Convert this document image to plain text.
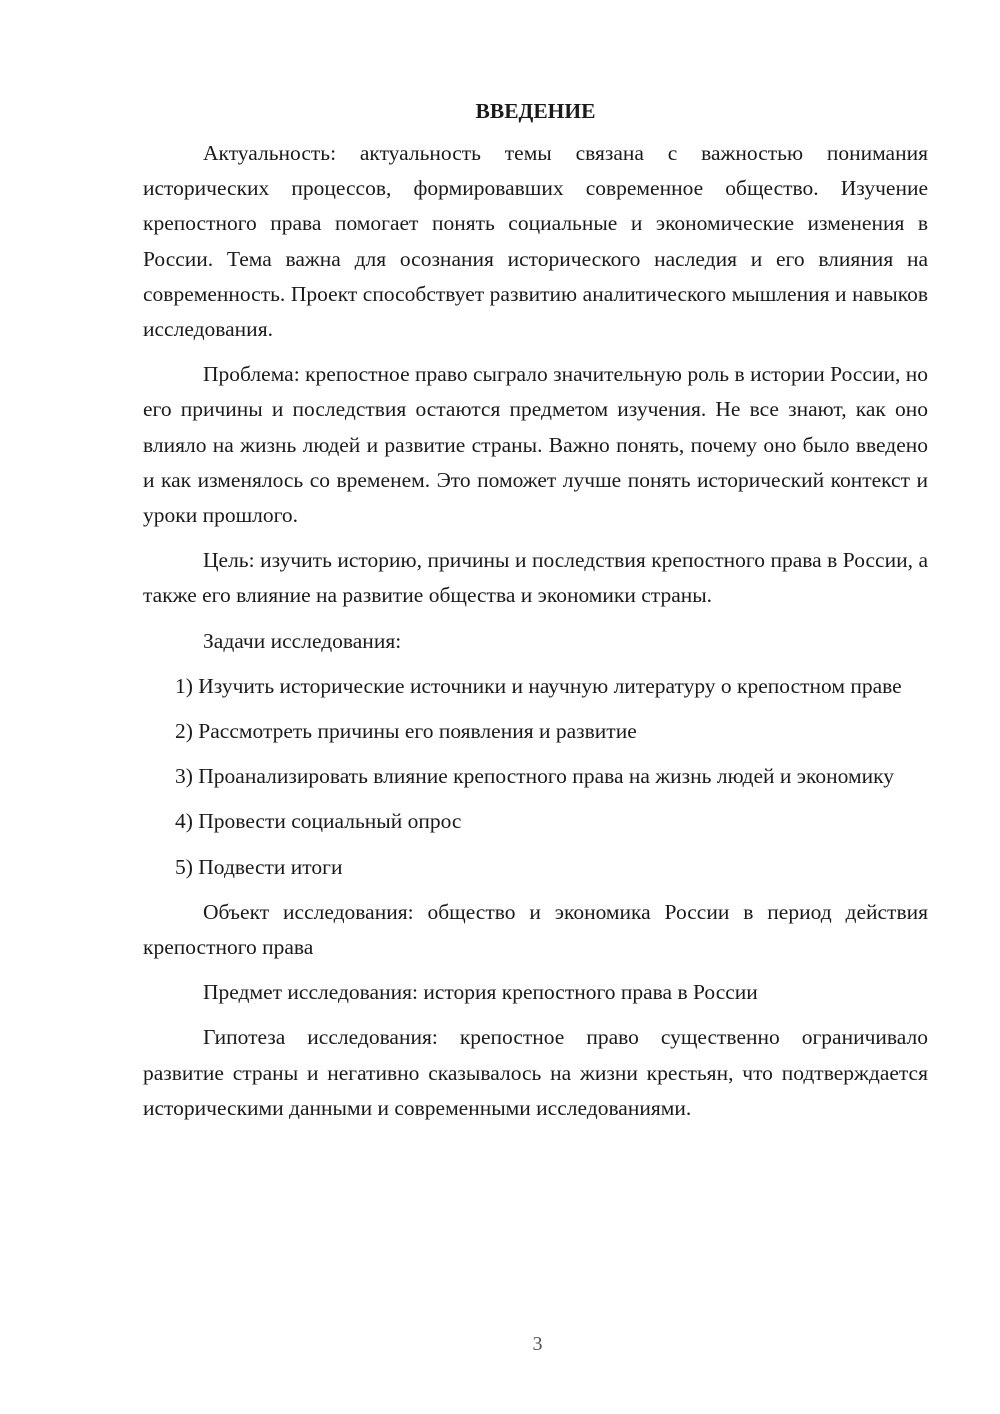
ВВЕДЕНИЕ

Актуальность: актуальность темы связана с важностью понимания исторических процессов, формировавших современное общество. Изучение крепостного права помогает понять социальные и экономические изменения в России. Тема важна для осознания исторического наследия и его влияния на современность. Проект способствует развитию аналитического мышления и навыков исследования.

Проблема: крепостное право сыграло значительную роль в истории России, но его причины и последствия остаются предметом изучения. Не все знают, как оно влияло на жизнь людей и развитие страны. Важно понять, почему оно было введено и как изменялось со временем. Это поможет лучше понять исторический контекст и уроки прошлого.

Цель: изучить историю, причины и последствия крепостного права в России, а также его влияние на развитие общества и экономики страны.

Задачи исследования:

1) Изучить исторические источники и научную литературу о крепостном праве

2) Рассмотреть причины его появления и развитие

3) Проанализировать влияние крепостного права на жизнь людей и экономику

4) Провести социальный опрос

5) Подвести итоги

Объект исследования: общество и экономика России в период действия крепостного права

Предмет исследования: история крепостного права в России

Гипотеза исследования: крепостное право существенно ограничивало развитие страны и негативно сказывалось на жизни крестьян, что подтверждается историческими данными и современными исследованиями.

3
